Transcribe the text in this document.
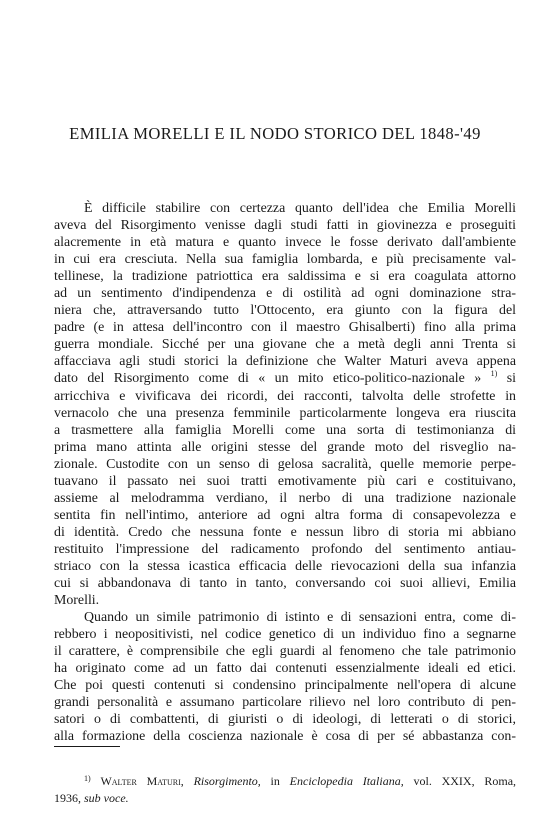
EMILIA MORELLI E IL NODO STORICO DEL 1848-'49
È difficile stabilire con certezza quanto dell'idea che Emilia Morelli
aveva del Risorgimento venisse dagli studi fatti in giovinezza e proseguiti
alacremente in età matura e quanto invece le fosse derivato dall'ambiente
in cui era cresciuta. Nella sua famiglia lombarda, e più precisamente val-
tellinese, la tradizione patriottica era saldissima e si era coagulata attorno
ad un sentimento d'indipendenza e di ostilità ad ogni dominazione stra-
niera che, attraversando tutto l'Ottocento, era giunto con la figura del
padre (e in attesa dell'incontro con il maestro Ghisalberti) fino alla prima
guerra mondiale. Sicché per una giovane che a metà degli anni Trenta si
affacciava agli studi storici la definizione che Walter Maturi aveva appena
dato del Risorgimento come di « un mito etico-politico-nazionale » $^{1)}$ si
arricchiva e vivificava dei ricordi, dei racconti, talvolta delle strofette in
vernacolo che una presenza femminile particolarmente longeva era riuscita
a trasmettere alla famiglia Morelli come una sorta di testimonianza di
prima mano attinta alle origini stesse del grande moto del risveglio na-
zionale. Custodite con un senso di gelosa sacralità, quelle memorie perpe-
tuavano il passato nei suoi tratti emotivamente più cari e costituivano,
assieme al melodramma verdiano, il nerbo di una tradizione nazionale
sentita fin nell'intimo, anteriore ad ogni altra forma di consapevolezza e
di identità. Credo che nessuna fonte e nessun libro di storia mi abbiano
restituito l'impressione del radicamento profondo del sentimento antiau-
striaco con la stessa icastica efficacia delle rievocazioni della sua infanzia
cui si abbandonava di tanto in tanto, conversando coi suoi allievi, Emilia
Morelli.
Quando un simile patrimonio di istinto e di sensazioni entra, come di-
rebbero i neopositivisti, nel codice genetico di un individuo fino a segnarne
il carattere, è comprensibile che egli guardi al fenomeno che tale patrimonio
ha originato come ad un fatto dai contenuti essenzialmente ideali ed etici.
Che poi questi contenuti si condensino principalmente nell'opera di alcune
grandi personalità e assumano particolare rilievo nel loro contributo di pen-
satori o di combattenti, di giuristi o di ideologi, di letterati o di storici,
alla formazione della coscienza nazionale è cosa di per sé abbastanza con-
$^{1)}$ Walter Maturi, Risorgimento, in Enciclopedia Italiana, vol. XXIX, Roma,
1936, sub voce.
